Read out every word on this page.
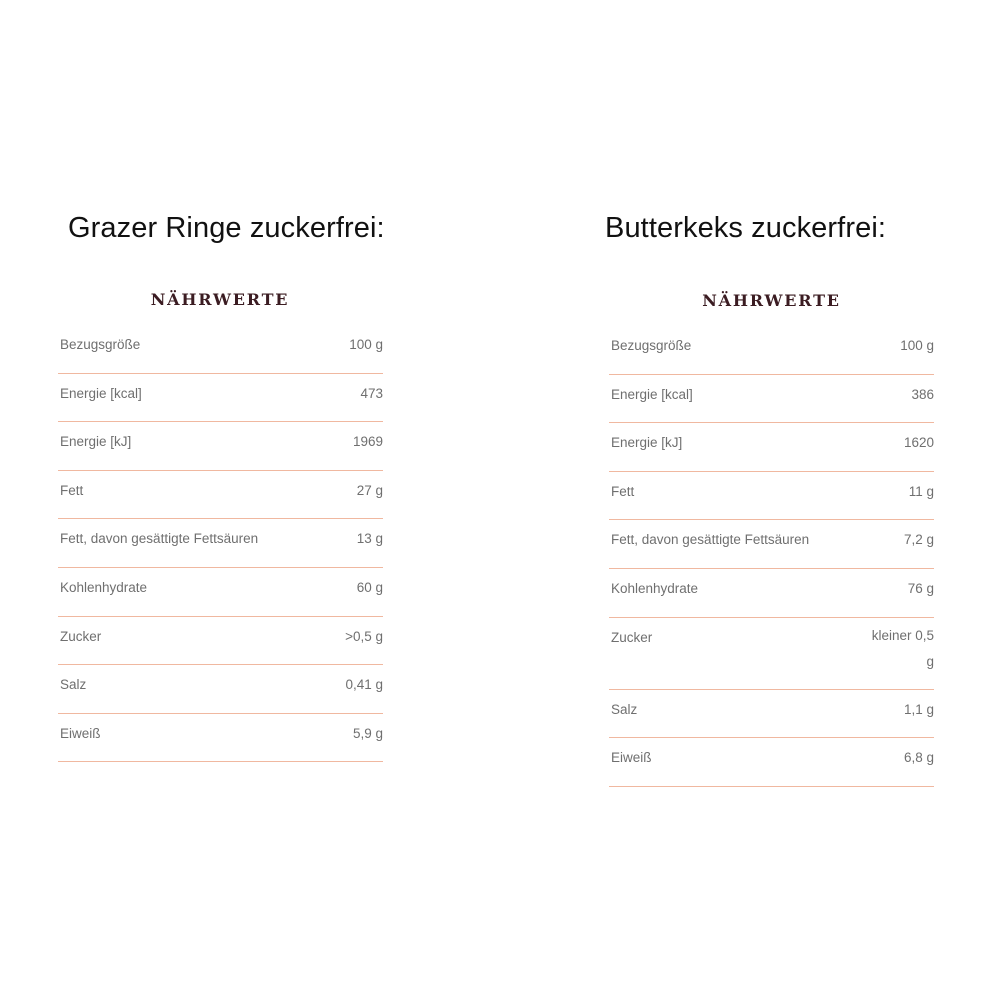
Grazer Ringe zuckerfrei:
NÄHRWERTE
Bezugsgröße	100 g
Energie [kcal]	473
Energie [kJ]	1969
Fett	27 g
Fett, davon gesättigte Fettsäuren	13 g
Kohlenhydrate	60 g
Zucker	>0,5 g
Salz	0,41 g
Eiweiß	5,9 g
Butterkeks zuckerfrei:
NÄHRWERTE
Bezugsgröße	100 g
Energie [kcal]	386
Energie [kJ]	1620
Fett	11 g
Fett, davon gesättigte Fettsäuren	7,2 g
Kohlenhydrate	76 g
Zucker	kleiner 0,5 g
Salz	1,1 g
Eiweiß	6,8 g
